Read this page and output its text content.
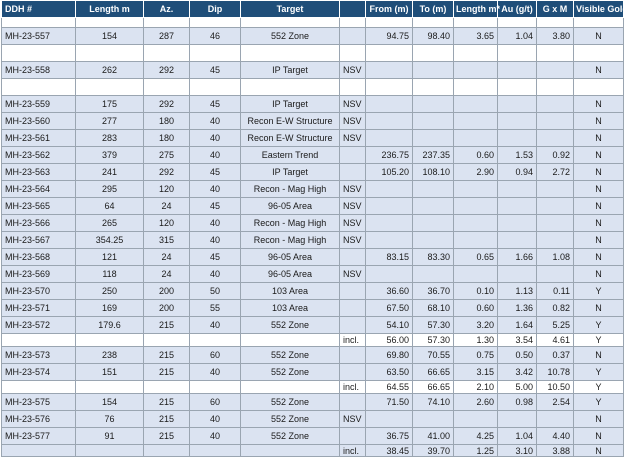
DDH #	Length m	Az.	Dip	Target		From (m)	To (m)	Length m*	Au (g/t)	G x M	Visible Gold

MH-23-557	154	287	46	552 Zone		94.75	98.40	3.65	1.04	3.80	N

MH-23-558	262	292	45	IP Target	NSV						N

MH-23-559	175	292	45	IP Target	NSV						N
MH-23-560	277	180	40	Recon E-W Structure	NSV						N
MH-23-561	283	180	40	Recon E-W Structure	NSV						N
MH-23-562	379	275	40	Eastern Trend		236.75	237.35	0.60	1.53	0.92	N
MH-23-563	241	292	45	IP Target		105.20	108.10	2.90	0.94	2.72	N
MH-23-564	295	120	40	Recon - Mag High	NSV						N
MH-23-565	64	24	45	96-05 Area	NSV						N
MH-23-566	265	120	40	Recon - Mag High	NSV						N
MH-23-567	354.25	315	40	Recon - Mag High	NSV						N
MH-23-568	121	24	45	96-05 Area		83.15	83.30	0.65	1.66	1.08	N
MH-23-569	118	24	40	96-05 Area	NSV						N
MH-23-570	250	200	50	103 Area		36.60	36.70	0.10	1.13	0.11	Y
MH-23-571	169	200	55	103 Area		67.50	68.10	0.60	1.36	0.82	N
MH-23-572	179.6	215	40	552 Zone		54.10	57.30	3.20	1.64	5.25	Y
					incl.	56.00	57.30	1.30	3.54	4.61	Y
MH-23-573	238	215	60	552 Zone		69.80	70.55	0.75	0.50	0.37	N
MH-23-574	151	215	40	552 Zone		63.50	66.65	3.15	3.42	10.78	Y
					incl.	64.55	66.65	2.10	5.00	10.50	Y
MH-23-575	154	215	60	552 Zone		71.50	74.10	2.60	0.98	2.54	Y
MH-23-576	76	215	40	552 Zone	NSV						N
MH-23-577	91	215	40	552 Zone		36.75	41.00	4.25	1.04	4.40	N
					incl.	38.45	39.70	1.25	3.10	3.88	N
